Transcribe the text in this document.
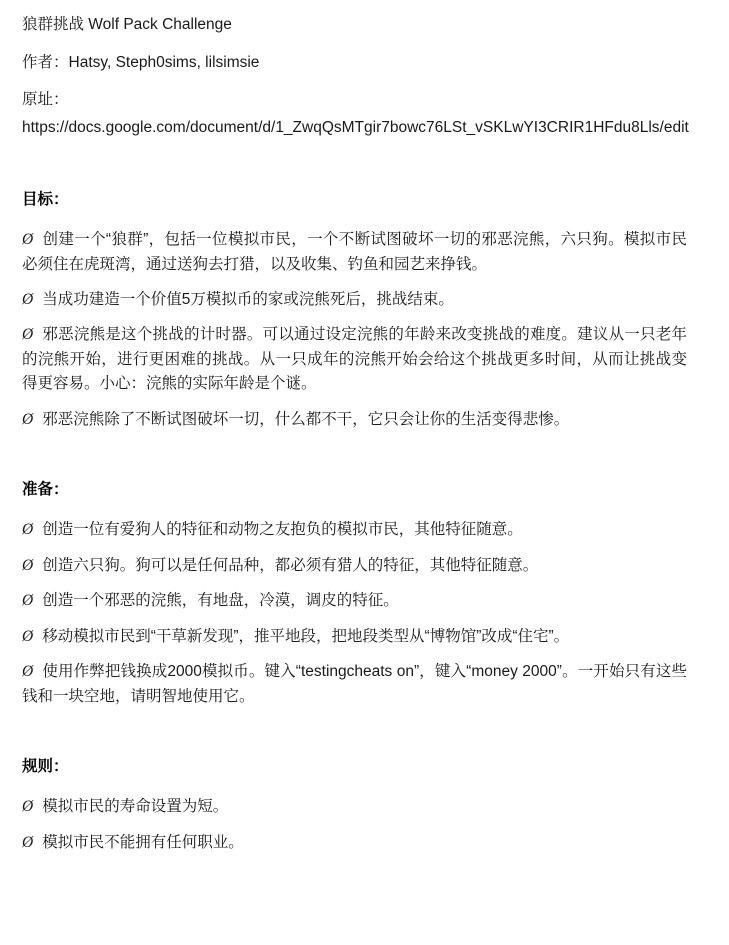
狼群挑战 Wolf Pack Challenge

作者：Hatsy, Steph0sims, lilsimsie

原址：

https://docs.google.com/document/d/1_ZwqQsMTgir7bowc76LSt_vSKLwYI3CRIR1HFdu8Lls/edit

目标：

Ø 创建一个“狼群”，包括一位模拟市民，一个不断试图破坏一切的邪恶浣熊，六只狗。模拟市民必须住在虎斑湾，通过送狗去打猎，以及收集、钓鱼和园艺来挣钱。

Ø 当成功建造一个价值5万模拟币的家或浣熊死后，挑战结束。

Ø 邪恶浣熊是这个挑战的计时器。可以通过设定浣熊的年龄来改变挑战的难度。建议从一只老年的浣熊开始，进行更困难的挑战。从一只成年的浣熊开始会给这个挑战更多时间，从而让挑战变得更容易。小心：浣熊的实际年龄是个谜。

Ø 邪恶浣熊除了不断试图破坏一切，什么都不干，它只会让你的生活变得悲惨。

准备：

Ø 创造一位有爱狗人的特征和动物之友抱负的模拟市民，其他特征随意。

Ø 创造六只狗。狗可以是任何品种，都必须有猎人的特征，其他特征随意。

Ø 创造一个邪恶的浣熊，有地盘，冷漠，调皮的特征。

Ø 移动模拟市民到“干草新发现”，推平地段，把地段类型从“博物馆”改成“住宅”。

Ø 使用作弊把钱换成2000模拟币。键入“testingcheats on”，键入“money 2000”。一开始只有这些钱和一块空地，请明智地使用它。

规则：

Ø 模拟市民的寿命设置为短。

Ø 模拟市民不能拥有任何职业。
